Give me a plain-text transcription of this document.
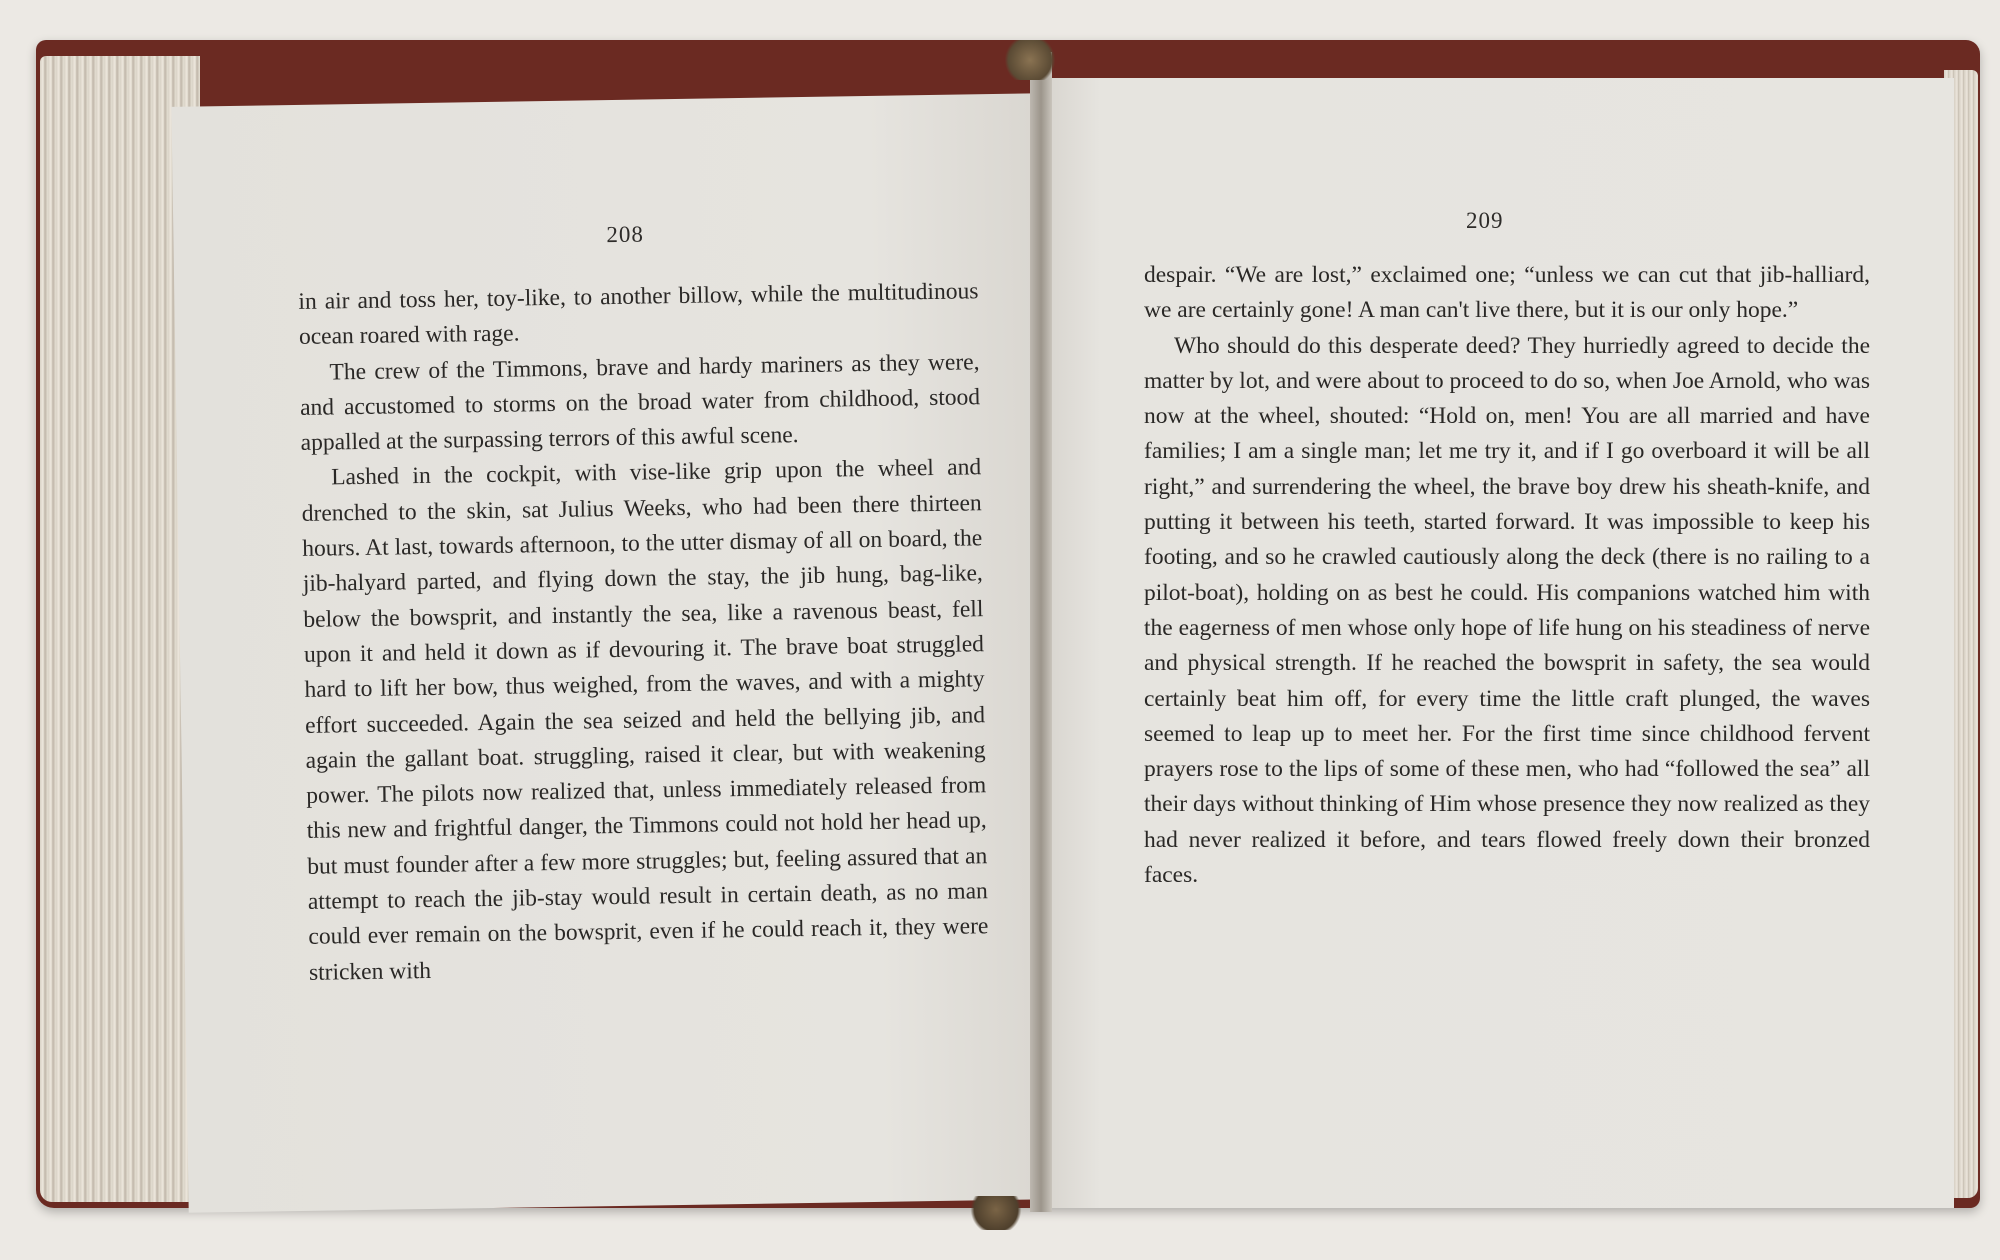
208

in air and toss her, toy-like, to another billow, while the multitudinous ocean roared with rage.

The crew of the Timmons, brave and hardy mariners as they were, and accustomed to storms on the broad water from childhood, stood appalled at the surpassing terrors of this awful scene.

Lashed in the cockpit, with vise-like grip upon the wheel and drenched to the skin, sat Julius Weeks, who had been there thirteen hours. At last, towards afternoon, to the utter dismay of all on board, the jib-halyard parted, and flying down the stay, the jib hung, bag-like, below the bowsprit, and instantly the sea, like a ravenous beast, fell upon it and held it down as if devouring it. The brave boat struggled hard to lift her bow, thus weighed, from the waves, and with a mighty effort succeeded. Again the sea seized and held the bellying jib, and again the gallant boat. struggling, raised it clear, but with weakening power. The pilots now realized that, unless immediately released from this new and frightful danger, the Timmons could not hold her head up, but must founder after a few more struggles; but, feeling assured that an attempt to reach the jib-stay would result in certain death, as no man could ever remain on the bowsprit, even if he could reach it, they were stricken with

209

despair. “We are lost,” exclaimed one; “unless we can cut that jib-halliard, we are certainly gone! A man can't live there, but it is our only hope.”

Who should do this desperate deed? They hurriedly agreed to decide the matter by lot, and were about to proceed to do so, when Joe Arnold, who was now at the wheel, shouted: “Hold on, men! You are all married and have families; I am a single man; let me try it, and if I go overboard it will be all right,” and surrendering the wheel, the brave boy drew his sheath-knife, and putting it between his teeth, started forward. It was impossible to keep his footing, and so he crawled cautiously along the deck (there is no railing to a pilot-boat), holding on as best he could. His companions watched him with the eagerness of men whose only hope of life hung on his steadiness of nerve and physical strength. If he reached the bowsprit in safety, the sea would certainly beat him off, for every time the little craft plunged, the waves seemed to leap up to meet her. For the first time since childhood fervent prayers rose to the lips of some of these men, who had “followed the sea” all their days without thinking of Him whose presence they now realized as they had never realized it before, and tears flowed freely down their bronzed faces.
